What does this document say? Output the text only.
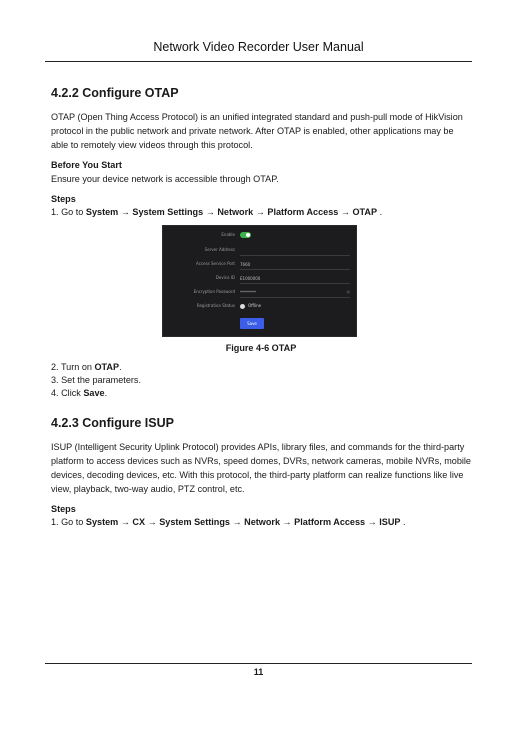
Network Video Recorder User Manual
4.2.2 Configure OTAP

OTAP (Open Thing Access Protocol) is an unified integrated standard and push-pull mode of HikVision protocol in the public network and private network. After OTAP is enabled, other applications may be able to remotely view videos through this protocol.

Before You Start

Ensure your device network is accessible through OTAP.

Steps
1. Go to System → System Settings → Network → Platform Access → OTAP .
Enable
Server Address
Access Service Port 7660
Device ID E1000000
Encryption Password ********	◎
Registration Status	Offline
Save
Figure 4-6 OTAP
2. Turn on OTAP.
3. Set the parameters.
4. Click Save.
4.2.3 Configure ISUP

ISUP (Intelligent Security Uplink Protocol) provides APIs, library files, and commands for the third-party platform to access devices such as NVRs, speed domes, DVRs, network cameras, mobile NVRs, mobile devices, decoding devices, etc. With this protocol, the third-party platform can realize functions like live view, playback, two-way audio, PTZ control, etc.

Steps
1. Go to System → CX → System Settings → Network → Platform Access → ISUP .
11
